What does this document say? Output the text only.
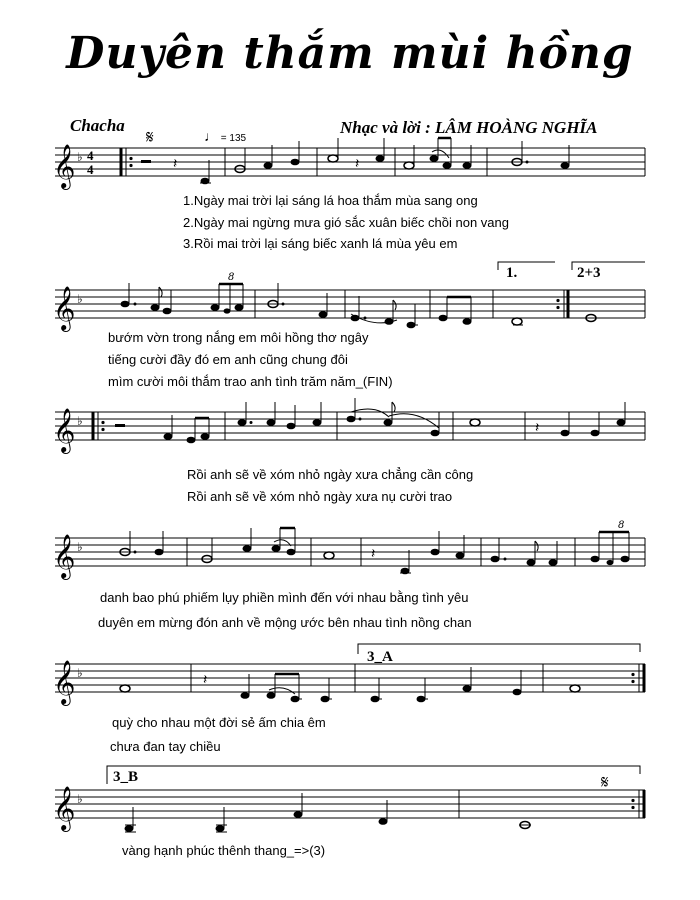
Duyên thắm mùi hồng
Chacha	Nhạc và lời : LÂM HOÀNG NGHĨA
♩ = 135
𝄋
𝄞 ♭ 4
4	𝄽	𝄽
𝄞 ♭
8	1.	2+3
𝄞 ♭	𝄽
𝄞 ♭	𝄽
8
𝄞 ♭	𝄽
3_A
𝄞 ♭
3_B	𝄋
1.Ngày mai trời lại sáng lá hoa thắm mùa sang ong
2.Ngày mai ngừng mưa gió sắc xuân biếc chồi non vang
3.Rồi mai trời lại sáng biếc xanh lá mùa yêu em
bướm vờn trong nắng em môi hồng thơ ngây
tiếng cười đầy đó em anh cũng chung đôi
mìm cười môi thắm trao anh tình trăm năm_(FIN)
Rồi anh sẽ về xóm nhỏ ngày xưa chẳng cần công
Rồi anh sẽ về xóm nhỏ ngày xưa nụ cười trao
danh bao phú phiếm lụy phiền mình đến với nhau bằng tình yêu
duyên em mừng đón anh về mộng ước bên nhau tình nồng chan
quỳ cho nhau một đời sẻ ấm chia êm
chưa đan tay chiều
vàng hạnh phúc thênh thang_=>(3)
